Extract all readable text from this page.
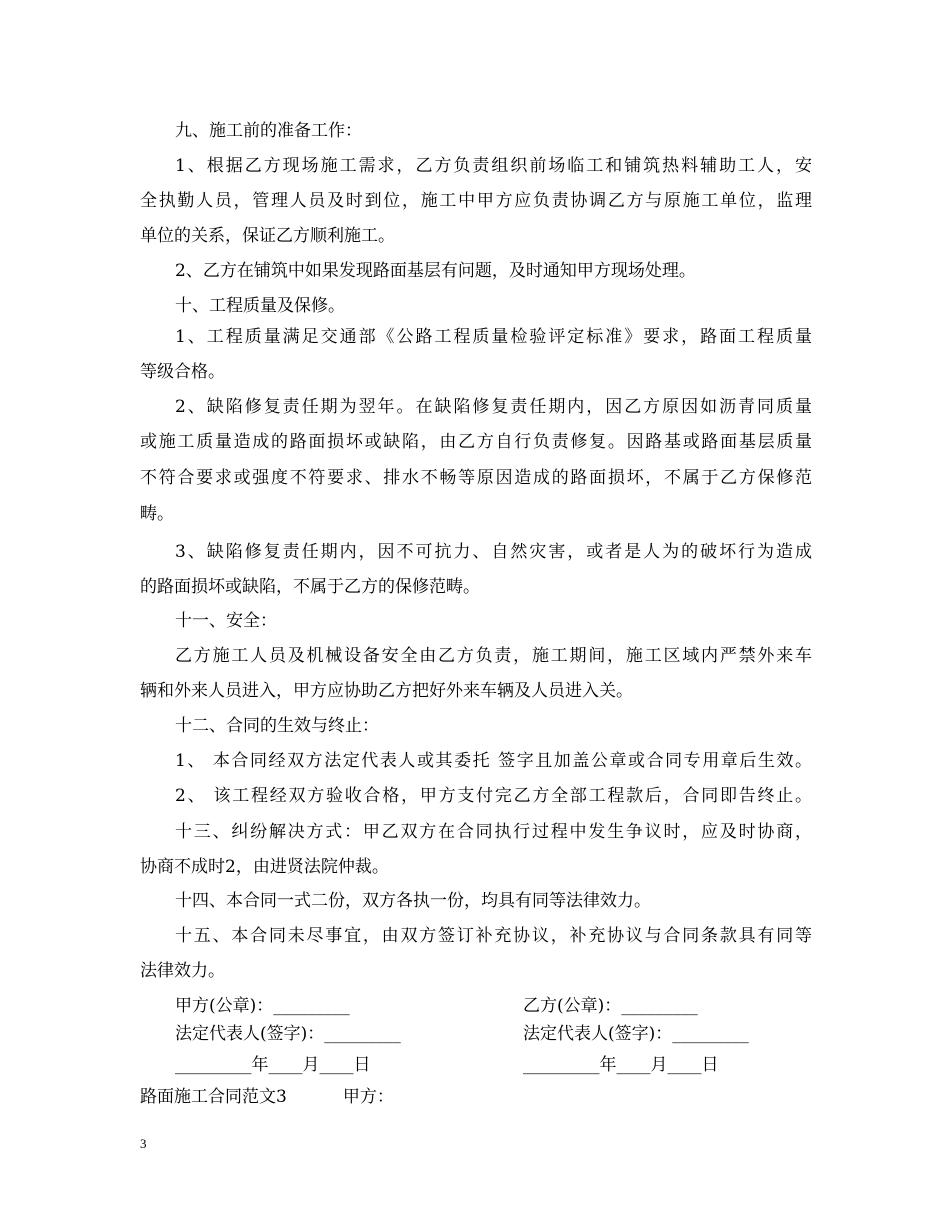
九、施工前的准备工作：
1、根据乙方现场施工需求，乙方负责组织前场临工和铺筑热料辅助工人，安
全执勤人员，管理人员及时到位，施工中甲方应负责协调乙方与原施工单位，监理
单位的关系，保证乙方顺利施工。
2、乙方在铺筑中如果发现路面基层有问题，及时通知甲方现场处理。
十、工程质量及保修。
1、工程质量满足交通部《公路工程质量检验评定标准》要求，路面工程质量
等级合格。
2、缺陷修复责任期为翌年。在缺陷修复责任期内，因乙方原因如沥青同质量
或施工质量造成的路面损坏或缺陷，由乙方自行负责修复。因路基或路面基层质量
不符合要求或强度不符要求、排水不畅等原因造成的路面损坏，不属于乙方保修范
畴。
3、缺陷修复责任期内，因不可抗力、自然灾害，或者是人为的破坏行为造成
的路面损坏或缺陷，不属于乙方的保修范畴。
十一、安全：
乙方施工人员及机械设备安全由乙方负责，施工期间，施工区域内严禁外来车
辆和外来人员进入，甲方应协助乙方把好外来车辆及人员进入关。
十二、合同的生效与终止：
1、 本合同经双方法定代表人或其委托 签字且加盖公章或合同专用章后生效。
2、 该工程经双方验收合格，甲方支付完乙方全部工程款后，合同即告终止。
十三、纠纷解决方式：甲乙双方在合同执行过程中发生争议时，应及时协商，
协商不成时2，由进贤法院仲裁。
十四、本合同一式二份，双方各执一份，均具有同等法律效力。
十五、本合同未尽事宜，由双方签订补充协议，补充协议与合同条款具有同等
法律效力。
甲方(公章)：_________	乙方(公章)：_________
法定代表人(签字)：_________	法定代表人(签字)：_________
_________年____月____日	_________年____月____日
路面施工合同范文3	甲方：
3
